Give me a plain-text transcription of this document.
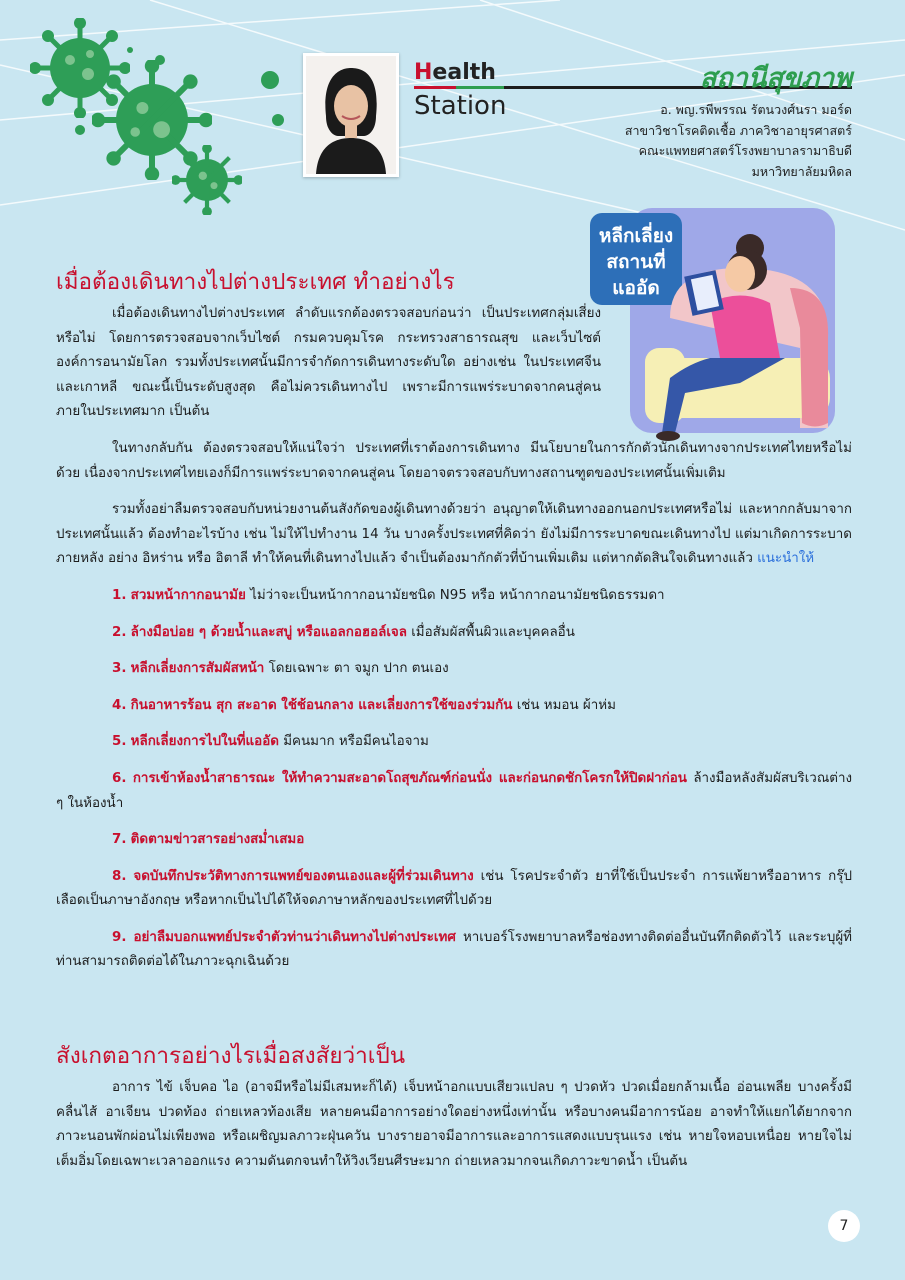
Health
Station
สถานีสุขภาพ
อ. พญ.รพีพรรณ รัตนวงศ์นรา มอร์ด
สาขาวิชาโรคติดเชื้อ ภาควิชาอายุรศาสตร์
คณะแพทยศาสตร์โรงพยาบาลรามาธิบดี
มหาวิทยาลัยมหิดล
หลีกเลี่ยง
สถานที่
แออัด
เมื่อต้องเดินทางไปต่างประเทศ ทำอย่างไร

เมื่อต้องเดินทางไปต่างประเทศ ลำดับแรกต้องตรวจสอบก่อนว่า เป็นประเทศกลุ่มเสี่ยงหรือไม่ โดยการตรวจสอบจากเว็บไซต์ กรมควบคุมโรค กระทรวงสาธารณสุข และเว็บไซต์องค์การอนามัยโลก รวมทั้งประเทศนั้นมีการจำกัดการเดินทางระดับใด อย่างเช่น ในประเทศจีนและเกาหลี ขณะนี้เป็นระดับสูงสุด คือไม่ควรเดินทางไป เพราะมีการแพร่ระบาดจากคนสู่คนภายในประเทศมาก เป็นต้น

ในทางกลับกัน ต้องตรวจสอบให้แน่ใจว่า ประเทศที่เราต้องการเดินทาง มีนโยบายในการกักตัวนักเดินทางจากประเทศไทยหรือไม่ด้วย เนื่องจากประเทศไทยเองก็มีการแพร่ระบาดจากคนสู่คน โดยอาจตรวจสอบกับทางสถานฑูตของประเทศนั้นเพิ่มเติม

รวมทั้งอย่าลืมตรวจสอบกับหน่วยงานต้นสังกัดของผู้เดินทางด้วยว่า อนุญาตให้เดินทางออกนอกประเทศหรือไม่ และหากกลับมาจากประเทศนั้นแล้ว ต้องทำอะไรบ้าง เช่น ไม่ให้ไปทำงาน 14 วัน บางครั้งประเทศที่คิดว่า ยังไม่มีการระบาดขณะเดินทางไป แต่มาเกิดการระบาดภายหลัง อย่าง อิหร่าน หรือ อิตาลี ทำให้คนที่เดินทางไปแล้ว จำเป็นต้องมากักตัวที่บ้านเพิ่มเติม แต่หากตัดสินใจเดินทางแล้ว แนะนำให้

1. สวมหน้ากากอนามัย ไม่ว่าจะเป็นหน้ากากอนามัยชนิด N95 หรือ หน้ากากอนามัยชนิดธรรมดา

2. ล้างมือบ่อย ๆ ด้วยน้ำและสบู่ หรือแอลกอฮอล์เจล เมื่อสัมผัสพื้นผิวและบุคคลอื่น

3. หลีกเลี่ยงการสัมผัสหน้า โดยเฉพาะ ตา จมูก ปาก ตนเอง

4. กินอาหารร้อน สุก สะอาด ใช้ช้อนกลาง และเลี่ยงการใช้ของร่วมกัน เช่น หมอน ผ้าห่ม

5. หลีกเลี่ยงการไปในที่แออัด มีคนมาก หรือมีคนไอจาม

6. การเข้าห้องน้ำสาธารณะ ให้ทำความสะอาดโถสุขภัณฑ์ก่อนนั่ง และก่อนกดชักโครกให้ปิดฝาก่อน ล้างมือหลังสัมผัสบริเวณต่าง ๆ ในห้องน้ำ

7. ติดตามข่าวสารอย่างสม่ำเสมอ

8. จดบันทึกประวัติทางการแพทย์ของตนเองและผู้ที่ร่วมเดินทาง เช่น โรคประจำตัว ยาที่ใช้เป็นประจำ การแพ้ยาหรืออาหาร กรุ๊ปเลือดเป็นภาษาอังกฤษ หรือหากเป็นไปได้ให้จดภาษาหลักของประเทศที่ไปด้วย

9. อย่าลืมบอกแพทย์ประจำตัวท่านว่าเดินทางไปต่างประเทศ หาเบอร์โรงพยาบาลหรือช่องทางติดต่ออื่นบันทึกติดตัวไว้ และระบุผู้ที่ท่านสามารถติดต่อได้ในภาวะฉุกเฉินด้วย

สังเกตอาการอย่างไรเมื่อสงสัยว่าเป็น

อาการ ไข้ เจ็บคอ ไอ (อาจมีหรือไม่มีเสมหะก็ได้) เจ็บหน้าอกแบบเสียวแปลบ ๆ ปวดหัว ปวดเมื่อยกล้ามเนื้อ อ่อนเพลีย บางครั้งมีคลื่นไส้ อาเจียน ปวดท้อง ถ่ายเหลวท้องเสีย หลายคนมีอาการอย่างใดอย่างหนึ่งเท่านั้น หรือบางคนมีอาการน้อย อาจทำให้แยกได้ยากจากภาวะนอนพักผ่อนไม่เพียงพอ หรือเผชิญมลภาวะฝุ่นควัน บางรายอาจมีอาการและอาการแสดงแบบรุนแรง เช่น หายใจหอบเหนื่อย หายใจไม่เต็มอิ่มโดยเฉพาะเวลาออกแรง ความดันตกจนทำให้วิงเวียนศีรษะมาก ถ่ายเหลวมากจนเกิดภาวะขาดน้ำ เป็นต้น

7
